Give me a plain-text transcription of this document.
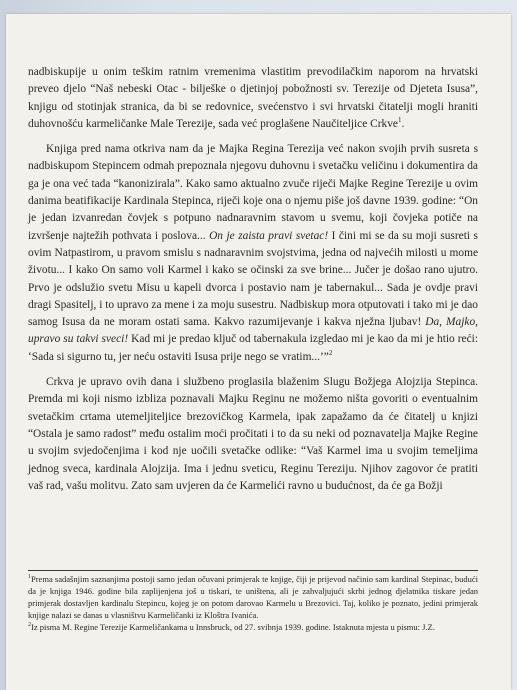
nadbiskupije u onim teškim ratnim vremenima vlastitim prevodilačkim naporom na hrvatski preveo djelo “Naš nebeski Otac - bilješke o djetinjoj pobožnosti sv. Terezije od Djeteta Isusa”, knjigu od stotinjak stranica, da bi se redovnice, svećenstvo i svi hrvatski čitatelji mogli hraniti duhovnošću karmeličanke Male Terezije, sada već proglašene Naučiteljice Crkve$^1$.

Knjiga pred nama otkriva nam da je Majka Regina Terezija već nakon svojih prvih susreta s nadbiskupom Stepincem odmah prepoznala njegovu duhovnu i svetačku veličinu i dokumentira da ga je ona već tada “kanonizirala”. Kako samo aktualno zvuče riječi Majke Regine Terezije u ovim danima beatifikacije Kardinala Stepinca, riječi koje ona o njemu piše još davne 1939. godine: “On je jedan izvanredan čovjek s potpuno nadnaravnim stavom u svemu, koji čovjeka potiče na izvršenje najtežih pothvata i poslova... On je zaista pravi svetac! I čini mi se da su moji susreti s ovim Natpastirom, u pravom smislu s nadnaravnim svojstvima, jedna od najvećih milosti u mome životu... I kako On samo voli Karmel i kako se očinski za sve brine... Jučer je došao rano ujutro. Prvo je odslužio svetu Misu u kapeli dvorca i postavio nam je tabernakul... Sada je ovdje pravi dragi Spasitelj, i to upravo za mene i za moju susestru. Nadbiskup mora otputovati i tako mi je dao samog Isusa da ne moram ostati sama. Kakvo razumijevanje i kakva nježna ljubav! Da, Majko, upravo su takvi sveci! Kad mi je predao ključ od tabernakula izgledao mi je kao da mi je htio reći: ‘Sada si sigurno tu, jer neću ostaviti Isusa prije nego se vratim...’”$^2$

Crkva je upravo ovih dana i službeno proglasila blaženim Slugu Božjega Alojzija Stepinca. Premda mi koji nismo izbliza poznavali Majku Reginu ne možemo ništa govoriti o eventualnim svetačkim crtama utemeljiteljice brezovičkog Karmela, ipak zapažamo da će čitatelj u knjizi “Ostala je samo radost” među ostalim moći pročitati i to da su neki od poznavatelja Majke Regine u svojim svjedočenjima i kod nje uočili svetačke odlike: “Vaš Karmel ima u svojim temeljima jednog sveca, kardinala Alojzija. Ima i jednu sveticu, Reginu Tereziju. Njihov zagovor će pratiti vaš rad, vašu molitvu. Zato sam uvjeren da će Karmelići ravno u budućnost, da će ga Božji

$^1$Prema sadašnjim saznanjima postoji samo jedan očuvani primjerak te knjige, čiji je prijevod načinio sam kardinal Stepinac, budući da je knjiga 1946. godine bila zaplijenjena još u tiskari, te uništena, ali je zahvaljujući skrbi jednog djelatnika tiskare jedan primjerak dostavljen kardinalu Stepincu, kojeg je on potom darovao Karmelu u Brezovici. Taj, koliko je poznato, jedini primjerak knjige nalazi se danas u vlasništvu Karmeličanki iz Kloštra Ivanića.

$^2$Iz pisma M. Regine Terezije Karmeličankama u Innsbruck, od 27. svibnja 1939. godine. Istaknuta mjesta u pismu: J.Z.
